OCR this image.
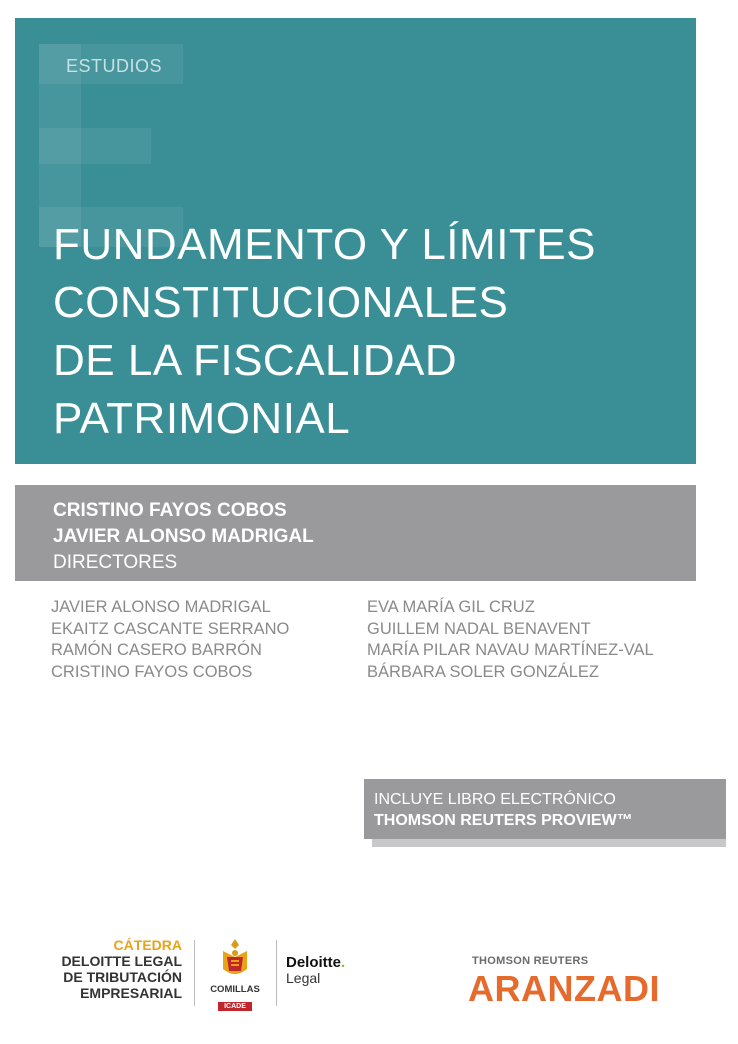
ESTUDIOS
FUNDAMENTO Y LÍMITES
CONSTITUCIONALES
DE LA FISCALIDAD
PATRIMONIAL
CRISTINO FAYOS COBOS
JAVIER ALONSO MADRIGAL
DIRECTORES
JAVIER ALONSO MADRIGAL
EKAITZ CASCANTE SERRANO
RAMÓN CASERO BARRÓN
CRISTINO FAYOS COBOS
EVA MARÍA GIL CRUZ
GUILLEM NADAL BENAVENT
MARÍA PILAR NAVAU MARTÍNEZ-VAL
BÁRBARA SOLER GONZÁLEZ
INCLUYE LIBRO ELECTRÓNICO
THOMSON REUTERS PROVIEW™
CÁTEDRA
DELOITTE LEGAL
DE TRIBUTACIÓN
EMPRESARIAL	COMILLAS
ICADE
Deloitte.
Legal
THOMSON REUTERS
ARANZADI
